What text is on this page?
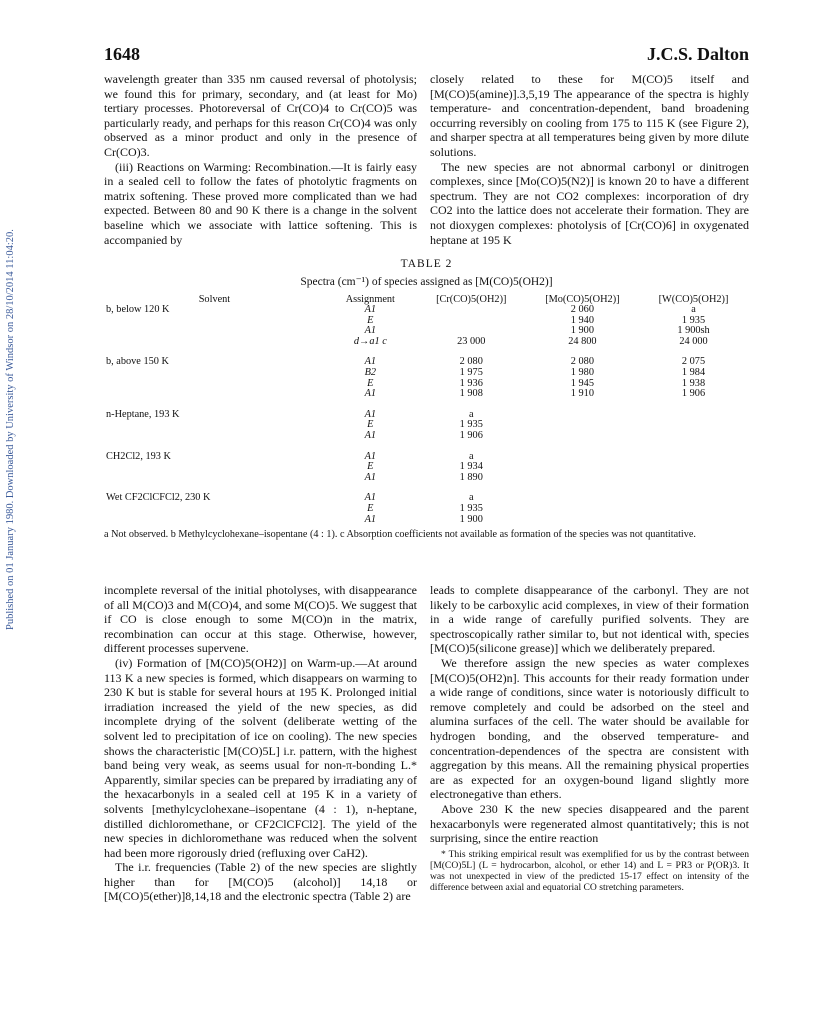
Published on 01 January 1980. Downloaded by University of Windsor on 28/10/2014 11:04:20.
1648	J.C.S. Dalton

wavelength greater than 335 nm caused reversal of photolysis; we found this for primary, secondary, and (at least for Mo) tertiary processes. Photoreversal of Cr(CO)4 to Cr(CO)5 was particularly ready, and perhaps for this reason Cr(CO)4 was only observed as a minor product and only in the presence of Cr(CO)3.

(iii) Reactions on Warming: Recombination.—It is fairly easy in a sealed cell to follow the fates of photolytic fragments on matrix softening. These proved more complicated than we had expected. Between 80 and 90 K there is a change in the solvent baseline which we associate with lattice softening. This is accompanied by

closely related to these for M(CO)5 itself and [M(CO)5(amine)].3,5,19 The appearance of the spectra is highly temperature- and concentration-dependent, band broadening occurring reversibly on cooling from 175 to 115 K (see Figure 2), and sharper spectra at all temperatures being given by more dilute solutions.

The new species are not abnormal carbonyl or dinitrogen complexes, since [Mo(CO)5(N2)] is known 20 to have a different spectrum. They are not CO2 complexes: incorporation of dry CO2 into the lattice does not accelerate their formation. They are not dioxygen complexes: photolysis of [Cr(CO)6] in oxygenated heptane at 195 K

TABLE 2
Spectra (cm⁻¹) of species assigned as [M(CO)5(OH2)]
Solvent	Assignment	[Cr(CO)5(OH2)]	[Mo(CO)5(OH2)]	[W(CO)5(OH2)]
b, below 120 K	A1		2 060	a
	E		1 940	1 935
	A1		1 900	1 900sh
	d→a1 c	23 000	24 800	24 000

b, above 150 K	A1	2 080	2 080	2 075
	B2	1 975	1 980	1 984
	E	1 936	1 945	1 938
	A1	1 908	1 910	1 906

n-Heptane, 193 K	A1	a		
	E	1 935		
	A1	1 906		

CH2Cl2, 193 K	A1	a		
	E	1 934		
	A1	1 890		

Wet CF2ClCFCl2, 230 K	A1	a		
	E	1 935		
	A1	1 900		
a Not observed. b Methylcyclohexane–isopentane (4 : 1). c Absorption coefficients not available as formation of the species was not quantitative.

incomplete reversal of the initial photolyses, with disappearance of all M(CO)3 and M(CO)4, and some M(CO)5. We suggest that if CO is close enough to some M(CO)n in the matrix, recombination can occur at this stage. Otherwise, however, different processes supervene.

(iv) Formation of [M(CO)5(OH2)] on Warm-up.—At around 113 K a new species is formed, which disappears on warming to 230 K but is stable for several hours at 195 K. Prolonged initial irradiation increased the yield of the new species, as did incomplete drying of the solvent (deliberate wetting of the solvent led to precipitation of ice on cooling). The new species shows the characteristic [M(CO)5L] i.r. pattern, with the highest band being very weak, as seems usual for non-π-bonding L.* Apparently, similar species can be prepared by irradiating any of the hexacarbonyls in a sealed cell at 195 K in a variety of solvents [methylcyclohexane–isopentane (4 : 1), n-heptane, distilled dichloromethane, or CF2ClCFCl2]. The yield of the new species in dichloromethane was reduced when the solvent had been more rigorously dried (refluxing over CaH2).

The i.r. frequencies (Table 2) of the new species are slightly higher than for [M(CO)5 (alcohol)] 14,18 or [M(CO)5(ether)]8,14,18 and the electronic spectra (Table 2) are

leads to complete disappearance of the carbonyl. They are not likely to be carboxylic acid complexes, in view of their formation in a wide range of carefully purified solvents. They are spectroscopically rather similar to, but not identical with, species [M(CO)5(silicone grease)] which we deliberately prepared.

We therefore assign the new species as water complexes [M(CO)5(OH2)n]. This accounts for their ready formation under a wide range of conditions, since water is notoriously difficult to remove completely and could be adsorbed on the steel and alumina surfaces of the cell. The water should be available for hydrogen bonding, and the observed temperature- and concentration-dependences of the spectra are consistent with aggregation by this means. All the remaining physical properties are as expected for an oxygen-bound ligand slightly more electronegative than ethers.

Above 230 K the new species disappeared and the parent hexacarbonyls were regenerated almost quantitatively; this is not surprising, since the entire reaction

* This striking empirical result was exemplified for us by the contrast between [M(CO)5L] (L = hydrocarbon, alcohol, or ether 14) and L = PR3 or P(OR)3. It was not unexpected in view of the predicted 15-17 effect on intensity of the difference between axial and equatorial CO stretching parameters.
